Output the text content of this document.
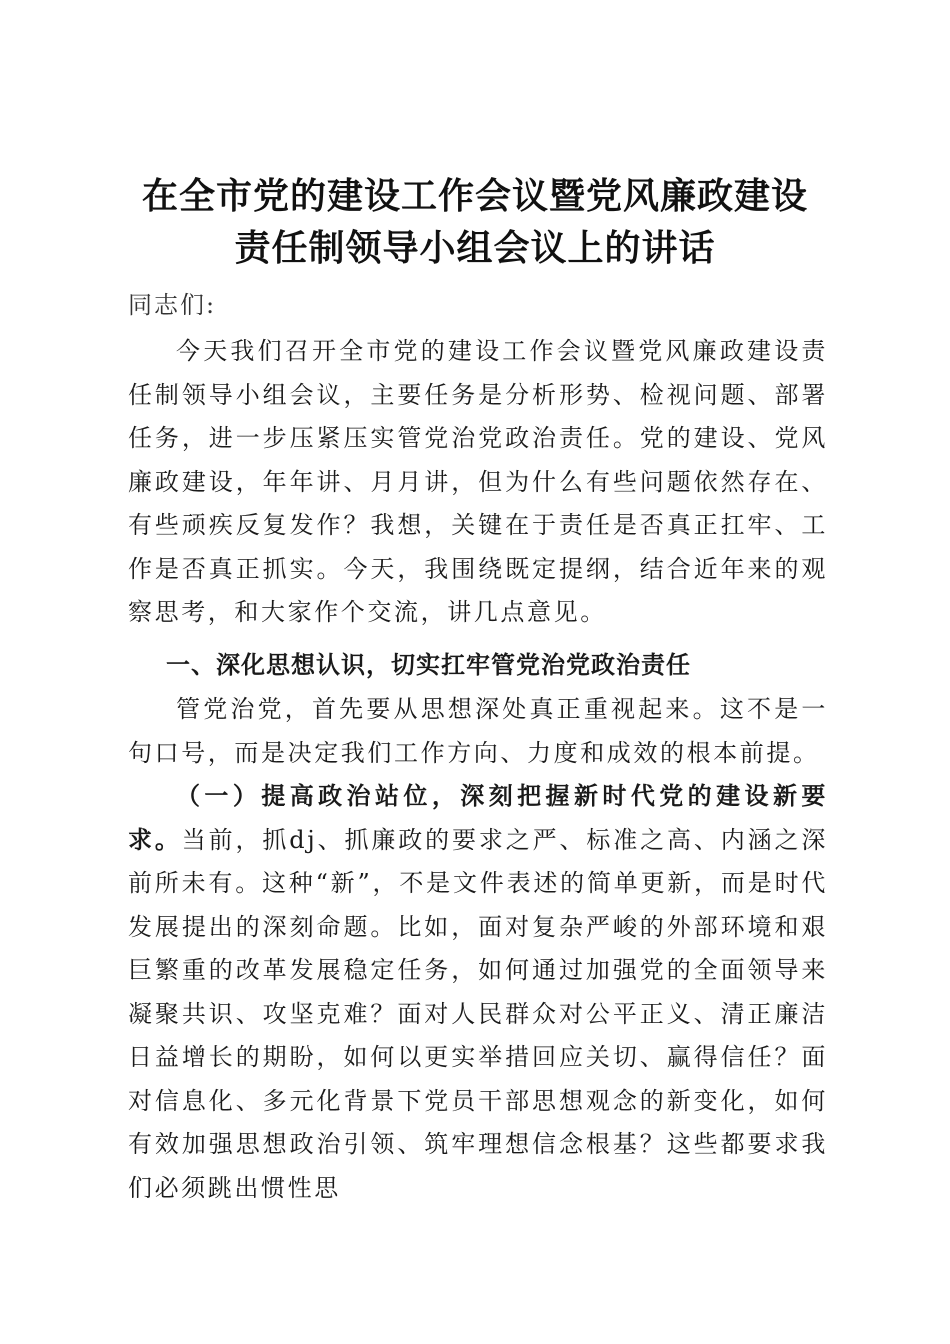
在全市党的建设工作会议暨党风廉政建设
责任制领导小组会议上的讲话

同志们:

今天我们召开全市党的建设工作会议暨党风廉政建设责任制领导小组会议，主要任务是分析形势、检视问题、部署任务，进一步压紧压实管党治党政治责任。党的建设、党风廉政建设，年年讲、月月讲，但为什么有些问题依然存在、有些顽疾反复发作？我想，关键在于责任是否真正扛牢、工作是否真正抓实。今天，我围绕既定提纲，结合近年来的观察思考，和大家作个交流，讲几点意见。

一、深化思想认识，切实扛牢管党治党政治责任

管党治党，首先要从思想深处真正重视起来。这不是一句口号，而是决定我们工作方向、力度和成效的根本前提。

（一）提高政治站位，深刻把握新时代党的建设新要求。当前，抓dj、抓廉政的要求之严、标准之高、内涵之深前所未有。这种“新”，不是文件表述的简单更新，而是时代发展提出的深刻命题。比如，面对复杂严峻的外部环境和艰巨繁重的改革发展稳定任务，如何通过加强党的全面领导来凝聚共识、攻坚克难？面对人民群众对公平正义、清正廉洁日益增长的期盼，如何以更实举措回应关切、赢得信任？面对信息化、多元化背景下党员干部思想观念的新变化，如何有效加强思想政治引领、筑牢理想信念根基？这些都要求我们必须跳出惯性思
